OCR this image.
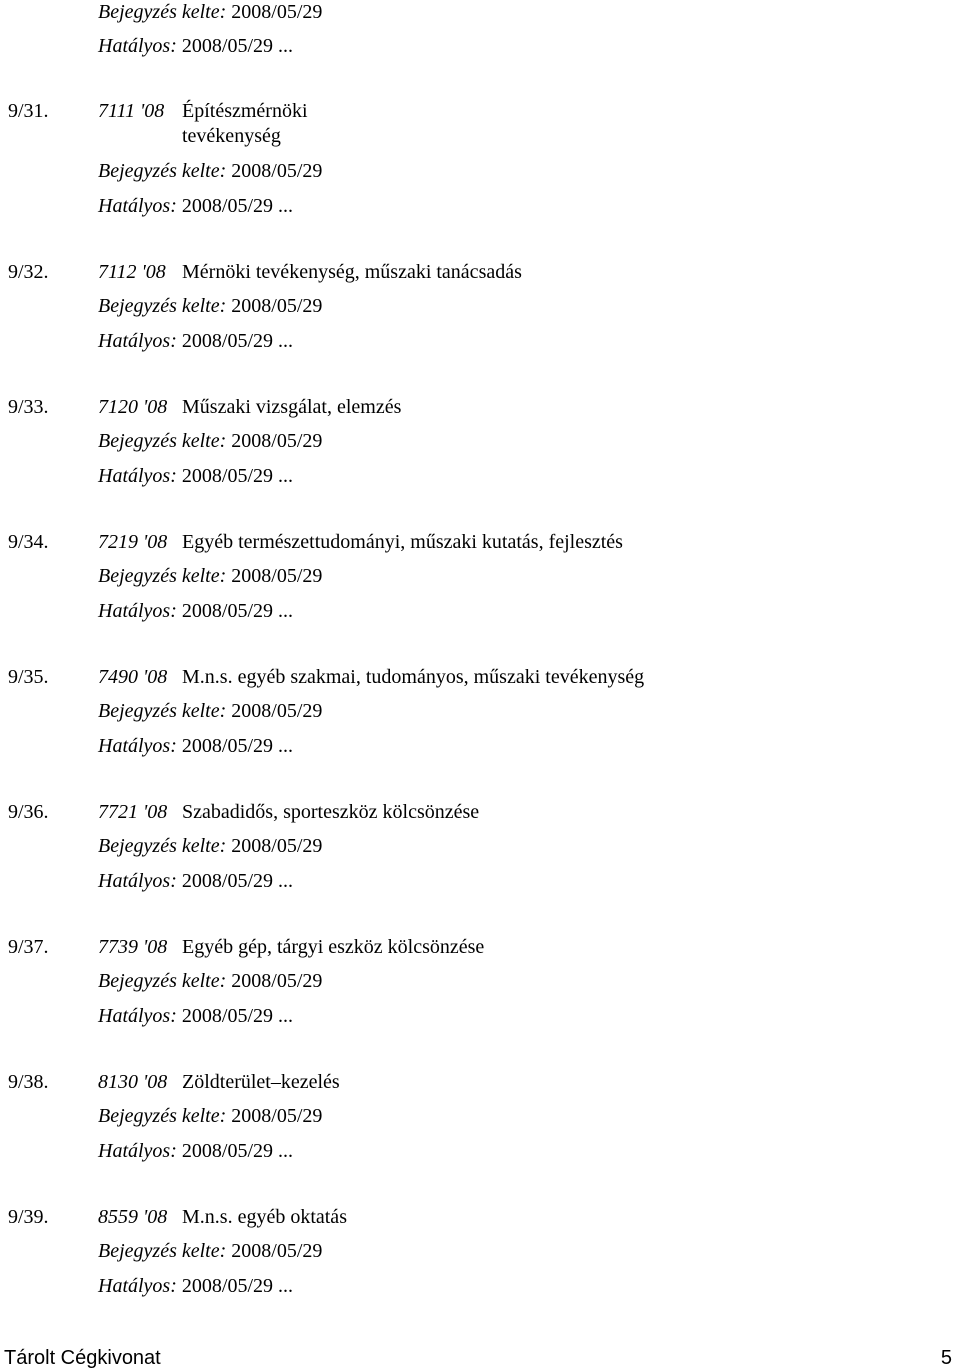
Bejegyzés kelte: 2008/05/29
Hatályos: 2008/05/29 ...
9/31. 7111 '08 Építészmérnöki
tevékenység
Bejegyzés kelte: 2008/05/29
Hatályos: 2008/05/29 ...
9/32. 7112 '08 Mérnöki tevékenység, műszaki tanácsadás
Bejegyzés kelte: 2008/05/29
Hatályos: 2008/05/29 ...
9/33. 7120 '08 Műszaki vizsgálat, elemzés
Bejegyzés kelte: 2008/05/29
Hatályos: 2008/05/29 ...
9/34. 7219 '08 Egyéb természettudományi, műszaki kutatás, fejlesztés
Bejegyzés kelte: 2008/05/29
Hatályos: 2008/05/29 ...
9/35. 7490 '08 M.n.s. egyéb szakmai, tudományos, műszaki tevékenység
Bejegyzés kelte: 2008/05/29
Hatályos: 2008/05/29 ...
9/36. 7721 '08 Szabadidős, sporteszköz kölcsönzése
Bejegyzés kelte: 2008/05/29
Hatályos: 2008/05/29 ...
9/37. 7739 '08 Egyéb gép, tárgyi eszköz kölcsönzése
Bejegyzés kelte: 2008/05/29
Hatályos: 2008/05/29 ...
9/38. 8130 '08 Zöldterület–kezelés
Bejegyzés kelte: 2008/05/29
Hatályos: 2008/05/29 ...
9/39. 8559 '08 M.n.s. egyéb oktatás
Bejegyzés kelte: 2008/05/29
Hatályos: 2008/05/29 ...
Tárolt Cégkivonat	5
